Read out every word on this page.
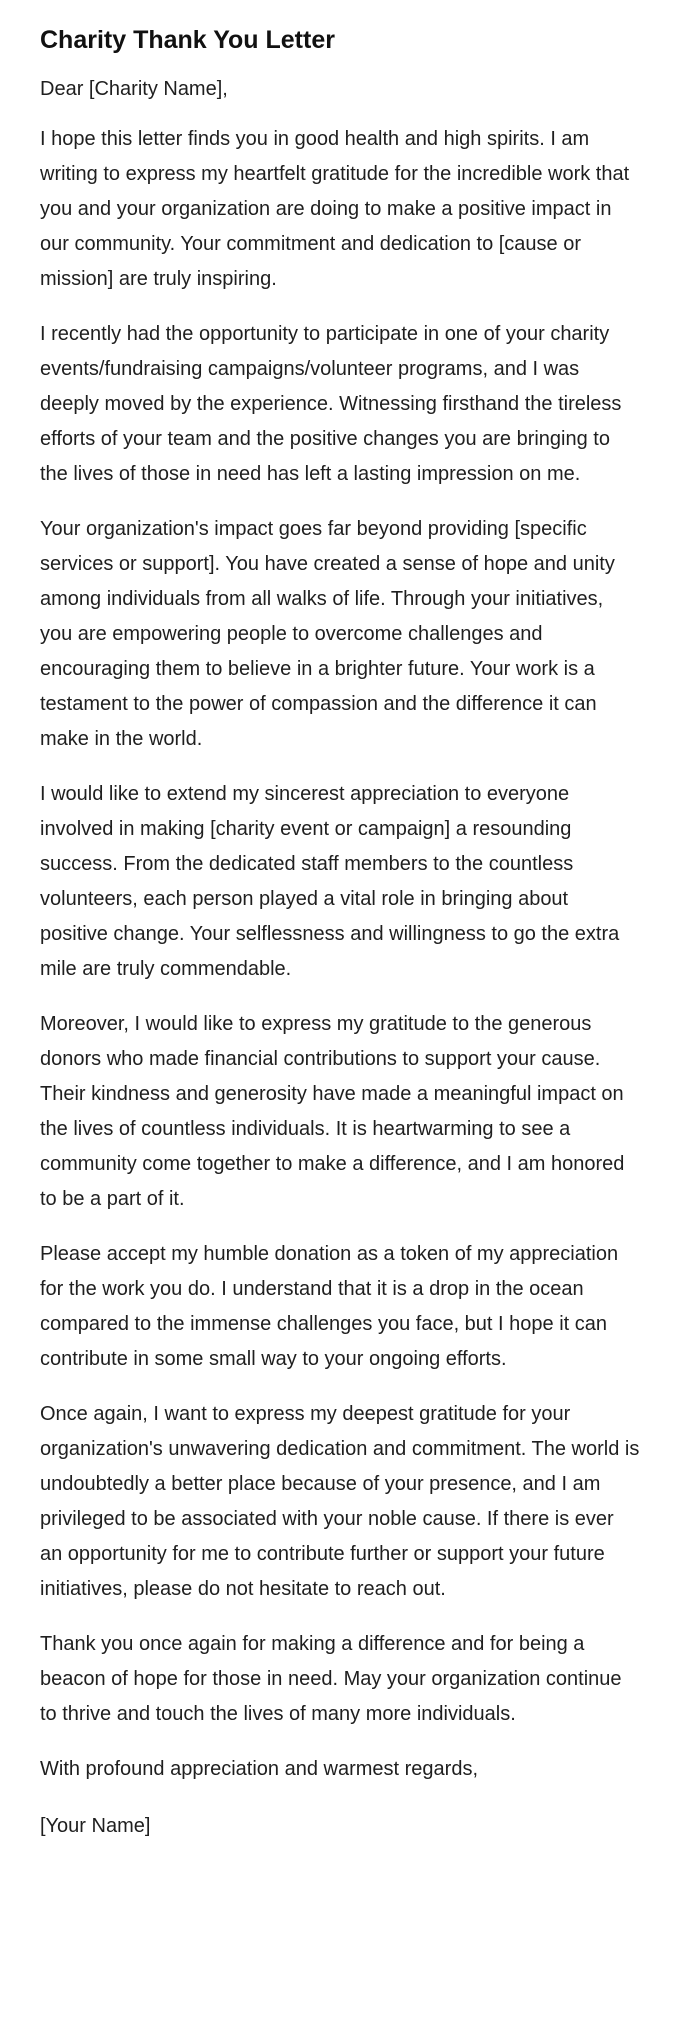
Charity Thank You Letter

Dear [Charity Name],

I hope this letter finds you in good health and high spirits. I am writing to express my heartfelt gratitude for the incredible work that you and your organization are doing to make a positive impact in our community. Your commitment and dedication to [cause or mission] are truly inspiring.

I recently had the opportunity to participate in one of your charity events/fundraising campaigns/volunteer programs, and I was deeply moved by the experience. Witnessing firsthand the tireless efforts of your team and the positive changes you are bringing to the lives of those in need has left a lasting impression on me.

Your organization's impact goes far beyond providing [specific services or support]. You have created a sense of hope and unity among individuals from all walks of life. Through your initiatives, you are empowering people to overcome challenges and encouraging them to believe in a brighter future. Your work is a testament to the power of compassion and the difference it can make in the world.

I would like to extend my sincerest appreciation to everyone involved in making [charity event or campaign] a resounding success. From the dedicated staff members to the countless volunteers, each person played a vital role in bringing about positive change. Your selflessness and willingness to go the extra mile are truly commendable.

Moreover, I would like to express my gratitude to the generous donors who made financial contributions to support your cause. Their kindness and generosity have made a meaningful impact on the lives of countless individuals. It is heartwarming to see a community come together to make a difference, and I am honored to be a part of it.

Please accept my humble donation as a token of my appreciation for the work you do. I understand that it is a drop in the ocean compared to the immense challenges you face, but I hope it can contribute in some small way to your ongoing efforts.

Once again, I want to express my deepest gratitude for your organization's unwavering dedication and commitment. The world is undoubtedly a better place because of your presence, and I am privileged to be associated with your noble cause. If there is ever an opportunity for me to contribute further or support your future initiatives, please do not hesitate to reach out.

Thank you once again for making a difference and for being a beacon of hope for those in need. May your organization continue to thrive and touch the lives of many more individuals.

With profound appreciation and warmest regards,

[Your Name]
